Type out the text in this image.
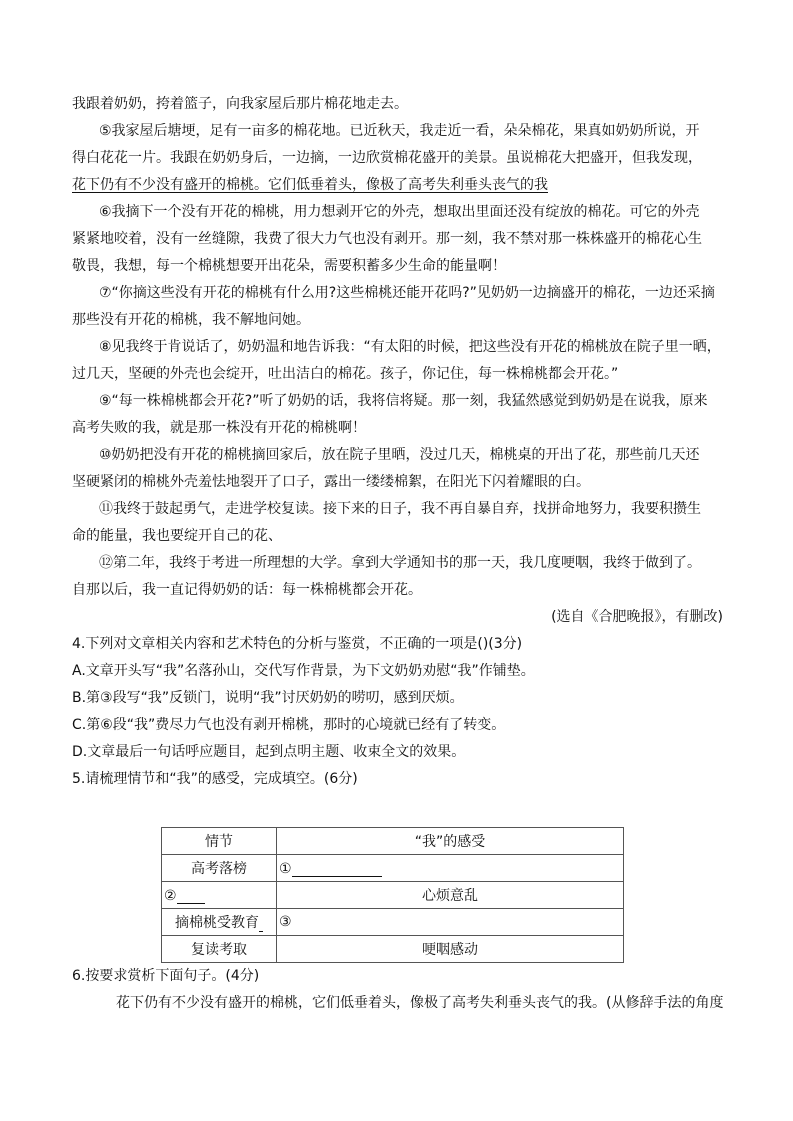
我跟着奶奶，挎着篮子，向我家屋后那片棉花地走去。
⑤我家屋后塘埂，足有一亩多的棉花地。已近秋天，我走近一看，朵朵棉花，果真如奶奶所说，开
得白花花一片。我跟在奶奶身后，一边摘，一边欣赏棉花盛开的美景。虽说棉花大把盛开，但我发现，
花下仍有不少没有盛开的棉桃。它们低垂着头，像极了高考失利垂头丧气的我
⑥我摘下一个没有开花的棉桃，用力想剥开它的外壳，想取出里面还没有绽放的棉花。可它的外壳
紧紧地咬着，没有一丝缝隙，我费了很大力气也没有剥开。那一刻，我不禁对那一株株盛开的棉花心生
敬畏，我想，每一个棉桃想要开出花朵，需要积蓄多少生命的能量啊！
⑦“你摘这些没有开花的棉桃有什么用?这些棉桃还能开花吗?”见奶奶一边摘盛开的棉花，一边还采摘
那些没有开花的棉桃，我不解地问她。
⑧见我终于肯说话了，奶奶温和地告诉我：“有太阳的时候，把这些没有开花的棉桃放在院子里一晒，
过几天，坚硬的外壳也会绽开，吐出洁白的棉花。孩子，你记住，每一株棉桃都会开花。”
⑨“每一株棉桃都会开花?”听了奶奶的话，我将信将疑。那一刻，我猛然感觉到奶奶是在说我，原来
高考失败的我，就是那一株没有开花的棉桃啊！
⑩奶奶把没有开花的棉桃摘回家后，放在院子里晒，没过几天，棉桃桌的开出了花，那些前几天还
坚硬紧闭的棉桃外壳羞怯地裂开了口子，露出一缕缕棉絮，在阳光下闪着耀眼的白。
⑪我终于鼓起勇气，走进学校复读。接下来的日子，我不再自暴自弃，找拼命地努力，我要积攒生
命的能量，我也要绽开自己的花、
⑫第二年，我终于考进一所理想的大学。拿到大学通知书的那一天，我几度哽咽，我终于做到了。
自那以后，我一直记得奶奶的话：每一株棉桃都会开花。
(选自《合肥晚报》，有删改)
4.下列对文章相关内容和艺术特色的分析与鉴赏，不正确的一项是()(3分)
A.文章开头写“我”名落孙山，交代写作背景，为下文奶奶劝慰“我”作铺垫。
B.第③段写“我”反锁门，说明“我”讨厌奶奶的唠叨，感到厌烦。
C.第⑥段“我”费尽力气也没有剥开棉桃，那时的心境就已经有了转变。
D.文章最后一句话呼应题目，起到点明主题、收束全文的效果。
5.请梳理情节和“我”的感受，完成填空。(6分)
情节	“我”的感受
高考落榜	①
②	心烦意乱
摘棉桃受教育	③
复读考取	哽咽感动
6.按要求赏析下面句子。(4分)
花下仍有不少没有盛开的棉桃，它们低垂着头，像极了高考失利垂头丧气的我。(从修辞手法的角度
